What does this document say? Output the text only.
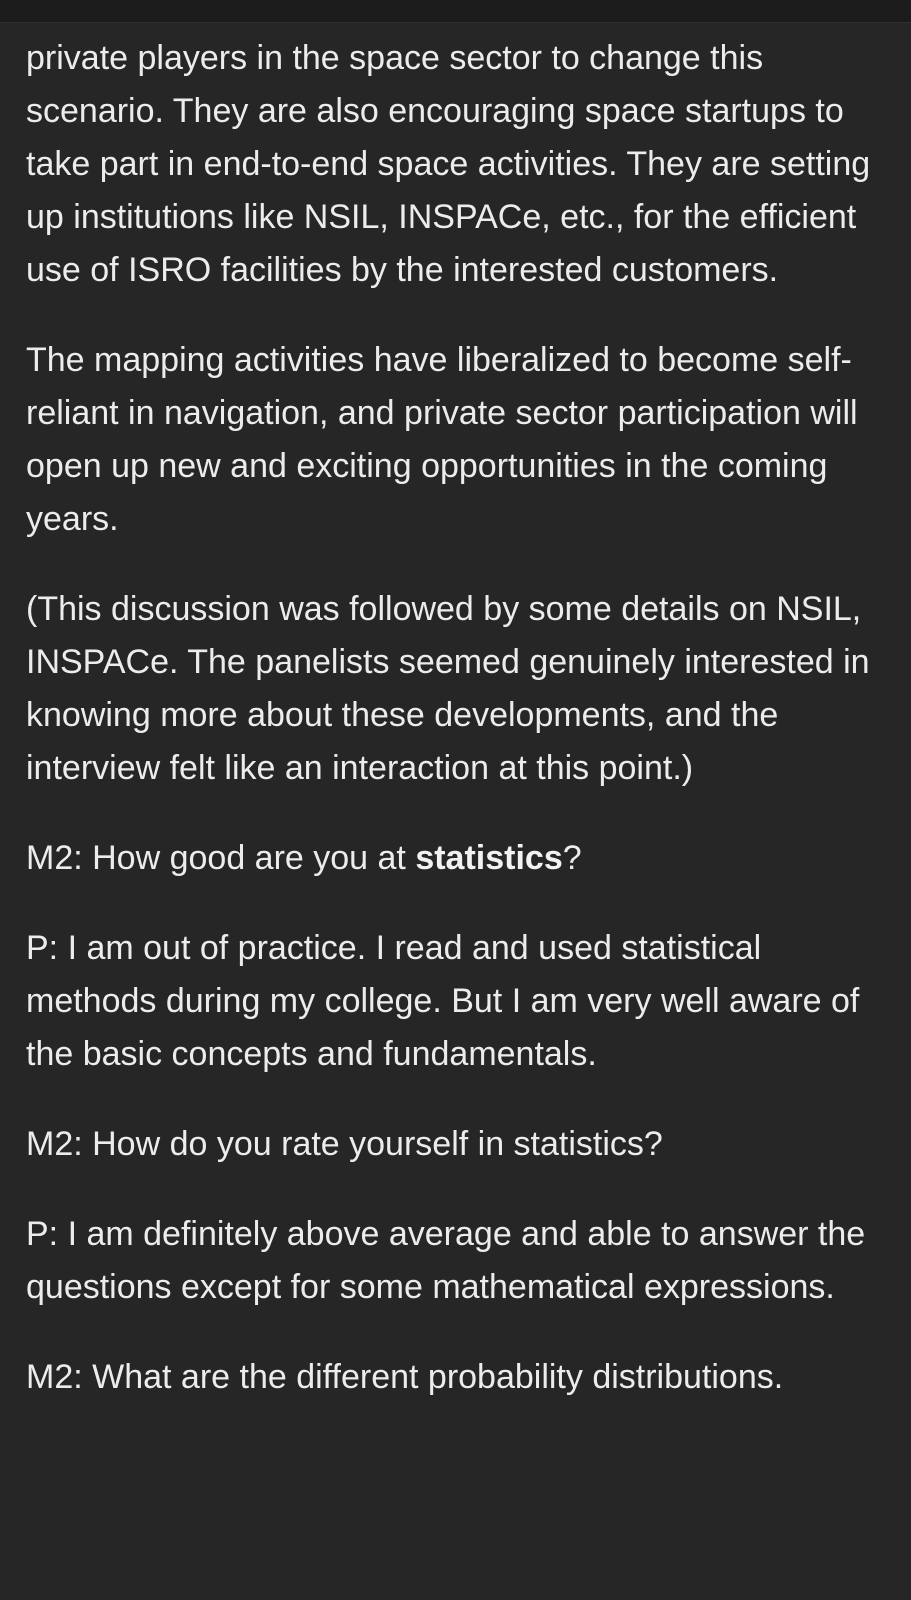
private players in the space sector to change this scenario. They are also encouraging space startups to take part in end-to-end space activities. They are setting up institutions like NSIL, INSPACe, etc., for the efficient use of ISRO facilities by the interested customers.

The mapping activities have liberalized to become self-reliant in navigation, and private sector participation will open up new and exciting opportunities in the coming years.

(This discussion was followed by some details on NSIL, INSPACe. The panelists seemed genuinely interested in knowing more about these developments, and the interview felt like an interaction at this point.)

M2: How good are you at statistics?

P: I am out of practice. I read and used statistical methods during my college. But I am very well aware of the basic concepts and fundamentals.

M2: How do you rate yourself in statistics?

P: I am definitely above average and able to answer the questions except for some mathematical expressions.

M2: What are the different probability distributions.
